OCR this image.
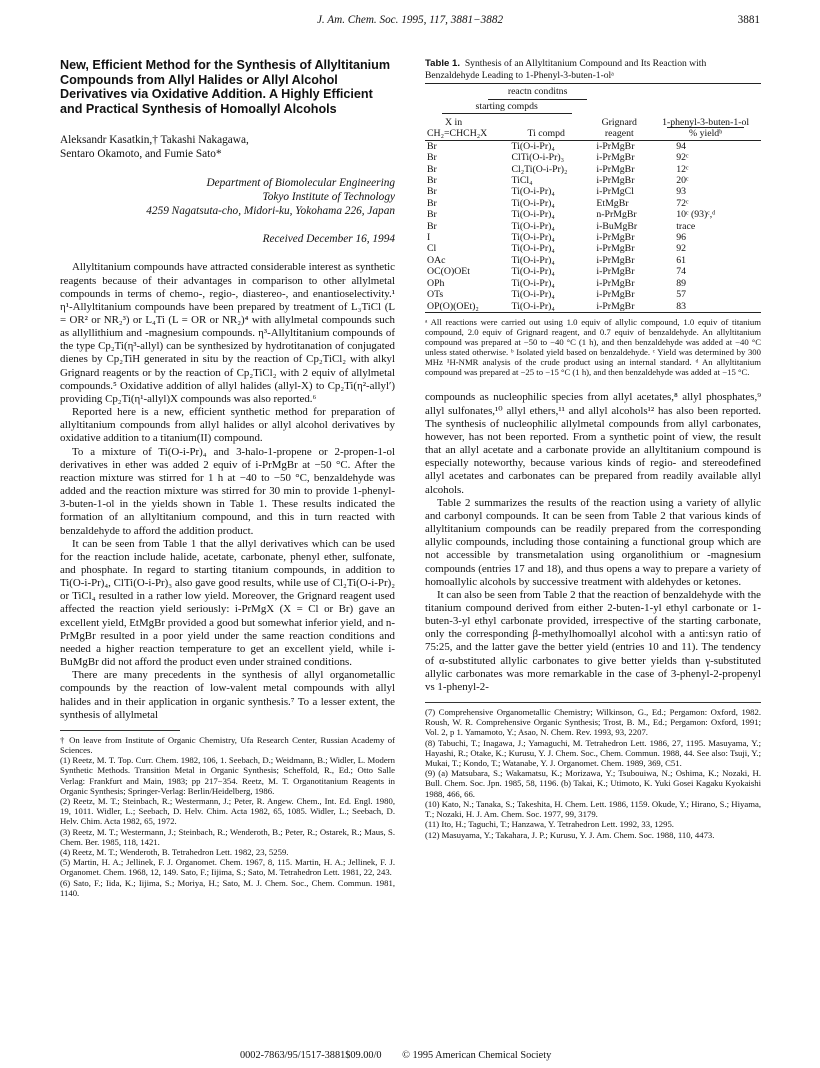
J. Am. Chem. Soc. 1995, 117, 3881−3882	3881
New, Efficient Method for the Synthesis of Allyltitanium Compounds from Allyl Halides or Allyl Alcohol Derivatives via Oxidative Addition. A Highly Efficient and Practical Synthesis of Homoallyl Alcohols
Aleksandr Kasatkin,† Takashi Nakagawa,
Sentaro Okamoto, and Fumie Sato*
Department of Biomolecular Engineering
Tokyo Institute of Technology
4259 Nagatsuta-cho, Midori-ku, Yokohama 226, Japan
Received December 16, 1994

Allyltitanium compounds have attracted considerable interest as synthetic reagents because of their advantages in comparison to other allylmetal compounds in terms of chemo-, regio-, diastereo-, and enantioselectivity.¹ η¹-Allyltitanium compounds have been prepared by treatment of L₃TiCl (L = OR² or NR₂³) or L₄Ti (L = OR or NR₂)⁴ with allylmetal compounds such as allyllithium and -magnesium compounds. η³-Allyltitanium compounds of the type Cp₂Ti(η³-allyl) can be synthesized by hydrotitanation of conjugated dienes by Cp₂TiH generated in situ by the reaction of Cp₂TiCl₂ with alkyl Grignard reagents or by the reaction of Cp₂TiCl₂ with 2 equiv of allylmetal compounds.⁵ Oxidative addition of allyl halides (allyl-X) to Cp₂Ti(η²-allyl′) providing Cp₂Ti(η¹-allyl)X compounds was also reported.⁶

Reported here is a new, efficient synthetic method for preparation of allyltitanium compounds from allyl halides or allyl alcohol derivatives by oxidative addition to a titanium(II) compound.

To a mixture of Ti(O-i-Pr)₄ and 3-halo-1-propene or 2-propen-1-ol derivatives in ether was added 2 equiv of i-PrMgBr at −50 °C. After the reaction mixture was stirred for 1 h at −40 to −50 °C, benzaldehyde was added and the reaction mixture was stirred for 30 min to provide 1-phenyl-3-buten-1-ol in the yields shown in Table 1. These results indicated the formation of an allyltitanium compound, and this in turn reacted with benzaldehyde to afford the addition product.

It can be seen from Table 1 that the allyl derivatives which can be used for the reaction include halide, acetate, carbonate, phenyl ether, sulfonate, and phosphate. In regard to starting titanium compounds, in addition to Ti(O-i-Pr)₄, ClTi(O-i-Pr)₃ also gave good results, while use of Cl₂Ti(O-i-Pr)₂ or TiCl₄ resulted in a rather low yield. Moreover, the Grignard reagent used affected the reaction yield seriously: i-PrMgX (X = Cl or Br) gave an excellent yield, EtMgBr provided a good but somewhat inferior yield, and n-PrMgBr resulted in a poor yield under the same reaction conditions and needed a higher reaction temperature to get an excellent yield, while i-BuMgBr did not afford the product even under strained conditions.

There are many precedents in the synthesis of allyl organometallic compounds by the reaction of low-valent metal compounds with allyl halides and in their application in organic synthesis.⁷ To a lesser extent, the synthesis of allylmetal

† On leave from Institute of Organic Chemistry, Ufa Research Center, Russian Academy of Sciences.

(1) Reetz, M. T. Top. Curr. Chem. 1982, 106, 1. Seebach, D.; Weidmann, B.; Widler, L. Modern Synthetic Methods. Transition Metal in Organic Synthesis; Scheffold, R., Ed.; Otto Salle Verlag: Frankfurt and Main, 1983; pp 217−354. Reetz, M. T. Organotitanium Reagents in Organic Synthesis; Springer-Verlag: Berlin/Heidelberg, 1986.

(2) Reetz, M. T.; Steinbach, R.; Westermann, J.; Peter, R. Angew. Chem., Int. Ed. Engl. 1980, 19, 1011. Widler, L.; Seebach, D. Helv. Chim. Acta 1982, 65, 1085. Widler, L.; Seebach, D. Helv. Chim. Acta 1982, 65, 1972.

(3) Reetz, M. T.; Westermann, J.; Steinbach, R.; Wenderoth, B.; Peter, R.; Ostarek, R.; Maus, S. Chem. Ber. 1985, 118, 1421.

(4) Reetz, M. T.; Wenderoth, B. Tetrahedron Lett. 1982, 23, 5259.

(5) Martin, H. A.; Jellinek, F. J. Organomet. Chem. 1967, 8, 115. Martin, H. A.; Jellinek, F. J. Organomet. Chem. 1968, 12, 149. Sato, F.; Iijima, S.; Sato, M. Tetrahedron Lett. 1981, 22, 243.

(6) Sato, F.; Iida, K.; Iijima, S.; Moriya, H.; Sato, M. J. Chem. Soc., Chem. Commun. 1981, 1140.

Table 1. Synthesis of an Allyltitanium Compound and Its Reaction with Benzaldehyde Leading to 1-Phenyl-3-buten-1-olᵃ

reactn conditns			
starting compds			
X in		Grignard	1-phenyl-3-buten-1-ol
CH₂=CHCH₂X	Ti compd	reagent	% yieldᵇ
Br	Ti(O-i-Pr)₄	i-PrMgBr	94
Br	ClTi(O-i-Pr)₃	i-PrMgBr	92ᶜ
Br	Cl₂Ti(O-i-Pr)₂	i-PrMgBr	12ᶜ
Br	TiCl₄	i-PrMgBr	20ᶜ
Br	Ti(O-i-Pr)₄	i-PrMgCl	93
Br	Ti(O-i-Pr)₄	EtMgBr	72ᶜ
Br	Ti(O-i-Pr)₄	n-PrMgBr	10ᶜ (93)ᶜ,ᵈ
Br	Ti(O-i-Pr)₄	i-BuMgBr	trace
I	Ti(O-i-Pr)₄	i-PrMgBr	96
Cl	Ti(O-i-Pr)₄	i-PrMgBr	92
OAc	Ti(O-i-Pr)₄	i-PrMgBr	61
OC(O)OEt	Ti(O-i-Pr)₄	i-PrMgBr	74
OPh	Ti(O-i-Pr)₄	i-PrMgBr	89
OTs	Ti(O-i-Pr)₄	i-PrMgBr	57
OP(O)(OEt)₂	Ti(O-i-Pr)₄	i-PrMgBr	83

ᵃ All reactions were carried out using 1.0 equiv of allylic compound, 1.0 equiv of titanium compound, 2.0 equiv of Grignard reagent, and 0.7 equiv of benzaldehyde. An allyltitanium compound was prepared at −50 to −40 °C (1 h), and then benzaldehyde was added at −40 °C unless stated otherwise. ᵇ Isolated yield based on benzaldehyde. ᶜ Yield was determined by 300 MHz ¹H-NMR analysis of the crude product using an internal standard. ᵈ An allyltitanium compound was prepared at −25 to −15 °C (1 h), and then benzaldehyde was added at −15 °C.

compounds as nucleophilic species from allyl acetates,⁸ allyl phosphates,⁹ allyl sulfonates,¹⁰ allyl ethers,¹¹ and allyl alcohols¹² has also been reported. The synthesis of nucleophilic allylmetal compounds from allyl carbonates, however, has not been reported. From a synthetic point of view, the result that an allyl acetate and a carbonate provide an allyltitanium compound is especially noteworthy, because various kinds of regio- and stereodefined allyl acetates and carbonates can be prepared from readily available allyl alcohols.

Table 2 summarizes the results of the reaction using a variety of allylic and carbonyl compounds. It can be seen from Table 2 that various kinds of allyltitanium compounds can be readily prepared from the corresponding allylic compounds, including those containing a functional group which are not accessible by transmetalation using organolithium or -magnesium compounds (entries 17 and 18), and thus opens a way to prepare a variety of homoallylic alcohols by successive treatment with aldehydes or ketones.

It can also be seen from Table 2 that the reaction of benzaldehyde with the titanium compound derived from either 2-buten-1-yl ethyl carbonate or 1-buten-3-yl ethyl carbonate provided, irrespective of the starting carbonate, only the corresponding β-methylhomoallyl alcohol with a anti:syn ratio of 75:25, and the latter gave the better yield (entries 10 and 11). The tendency of α-substituted allylic carbonates to give better yields than γ-substituted allylic carbonates was more remarkable in the case of 3-phenyl-2-propenyl vs 1-phenyl-2-

(7) Comprehensive Organometallic Chemistry; Wilkinson, G., Ed.; Pergamon: Oxford, 1982. Roush, W. R. Comprehensive Organic Synthesis; Trost, B. M., Ed.; Pergamon: Oxford, 1991; Vol. 2, p 1. Yamamoto, Y.; Asao, N. Chem. Rev. 1993, 93, 2207.

(8) Tabuchi, T.; Inagawa, J.; Yamaguchi, M. Tetrahedron Lett. 1986, 27, 1195. Masuyama, Y.; Hayashi, R.; Otake, K.; Kurusu, Y. J. Chem. Soc., Chem. Commun. 1988, 44. See also: Tsuji, Y.; Mukai, T.; Kondo, T.; Watanabe, Y. J. Organomet. Chem. 1989, 369, C51.

(9) (a) Matsubara, S.; Wakamatsu, K.; Morizawa, Y.; Tsubouiwa, N.; Oshima, K.; Nozaki, H. Bull. Chem. Soc. Jpn. 1985, 58, 1196. (b) Takai, K.; Utimoto, K. Yuki Gosei Kagaku Kyokaishi 1988, 466, 66.

(10) Kato, N.; Tanaka, S.; Takeshita, H. Chem. Lett. 1986, 1159. Okude, Y.; Hirano, S.; Hiyama, T.; Nozaki, H. J. Am. Chem. Soc. 1977, 99, 3179.

(11) Ito, H.; Taguchi, T.; Hanzawa, Y. Tetrahedron Lett. 1992, 33, 1295.

(12) Masuyama, Y.; Takahara, J. P.; Kurusu, Y. J. Am. Chem. Soc. 1988, 110, 4473.

0002-7863/95/1517-3881$09.00/0 © 1995 American Chemical Society
